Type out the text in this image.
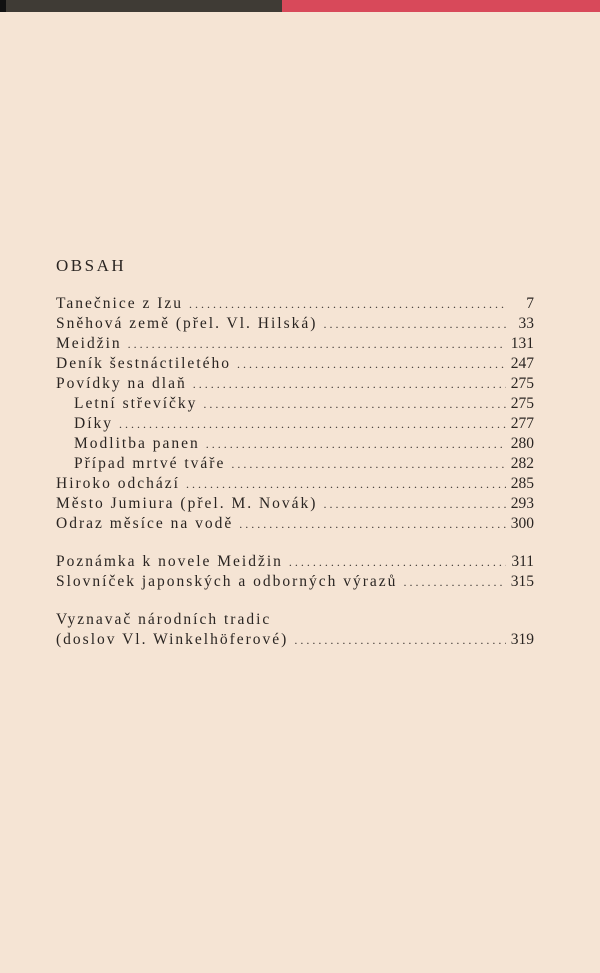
OBSAH
Tanečnice z Izu . . .	7
Sněhová země (přel. Vl. Hilská) . . .	33
Meidžin . . .	131
Deník šestnáctiletého . . .	247
Povídky na dlaň . . .	275
Letní střevíčky . . .	275
Díky . . .	277
Modlitba panen . . .	280
Případ mrtvé tváře . . .	282
Hiroko odchází . . .	285
Město Jumiura (přel. M. Novák) . . .	293
Odraz měsíce na vodě . . .	300
Poznámka k novele Meidžin . . .	311
Slovníček japonských a odborných výrazů . . .	315
Vyznavač národních tradic
(doslov Vl. Winkelhöferové) . . .	319
